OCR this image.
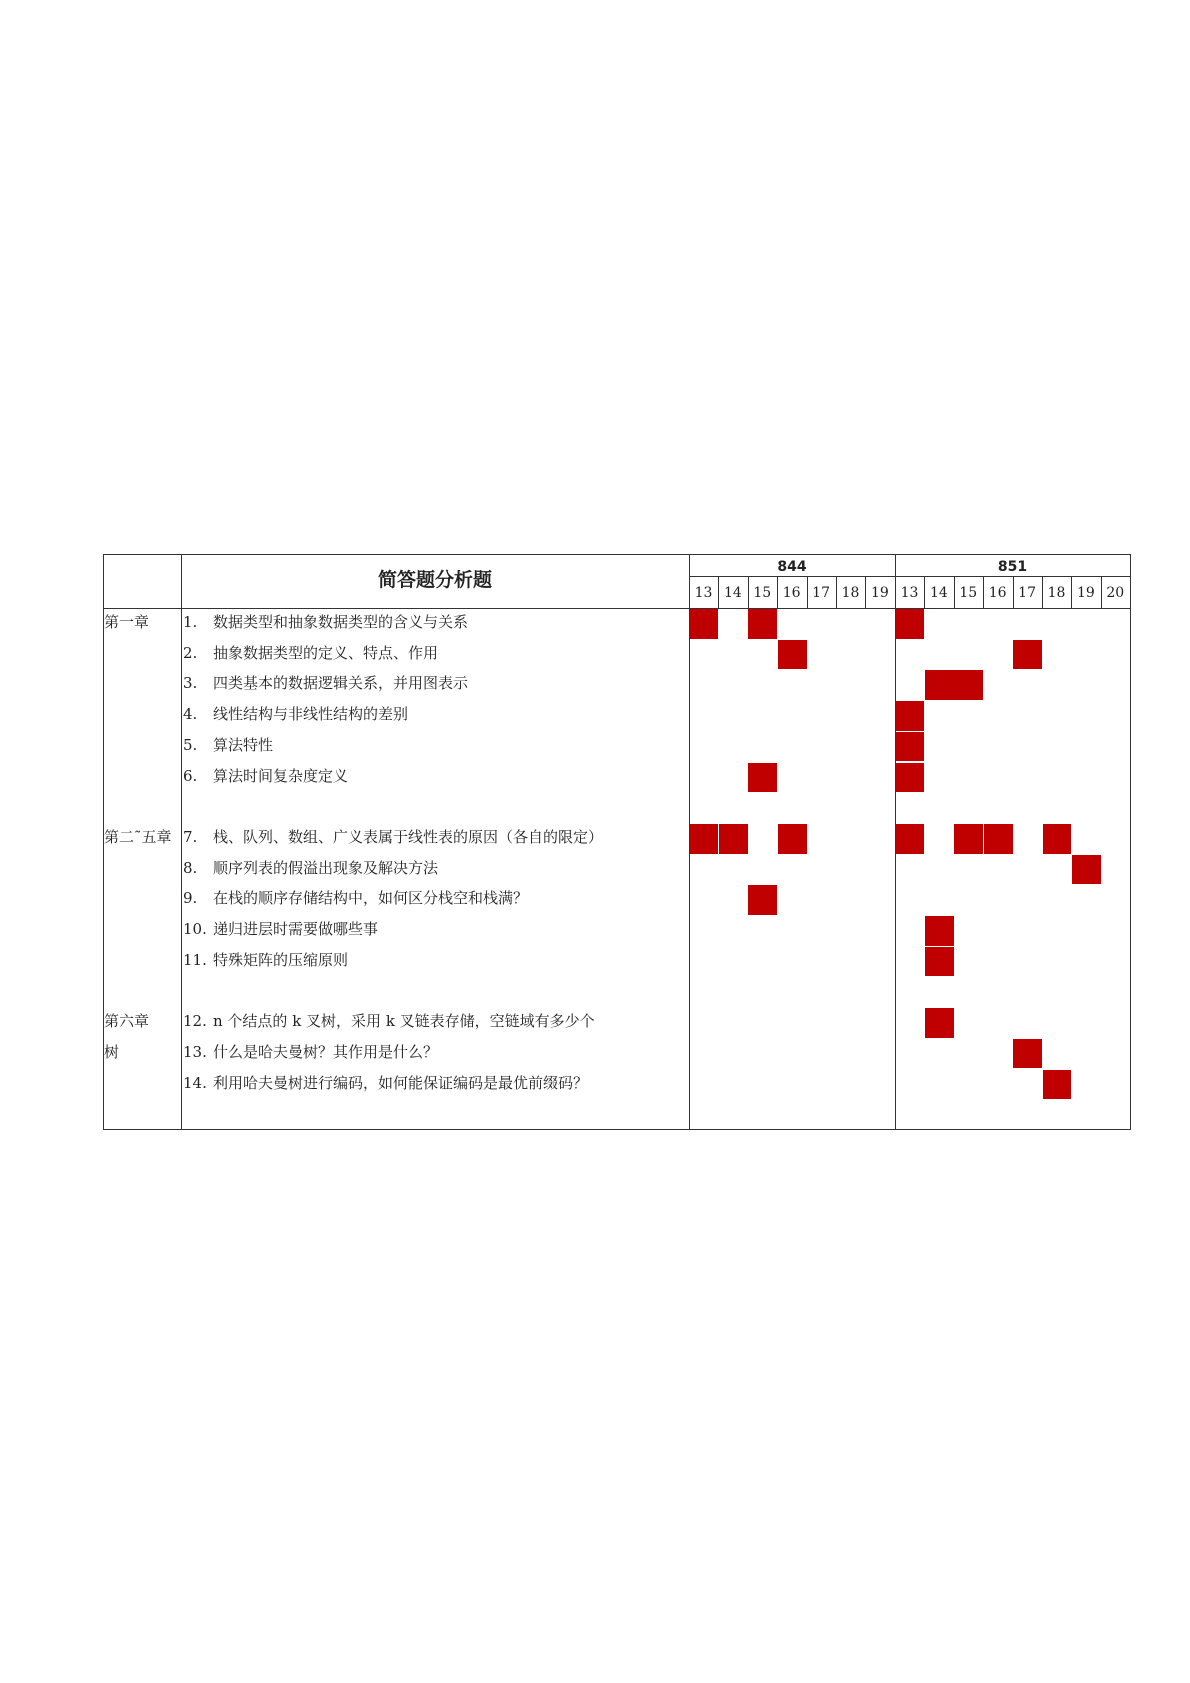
简答题分析题
844
13 14 15 16 17 18 19
851
13 14 15 16 17 18 19 20
第一章
第二˜五章
第六章
树
1. 数据类型和抽象数据类型的含义与关系
2. 抽象数据类型的定义、特点、作用
3. 四类基本的数据逻辑关系，并用图表示
4. 线性结构与非线性结构的差别
5. 算法特性
6. 算法时间复杂度定义
7. 栈、队列、数组、广义表属于线性表的原因（各自的限定）
8. 顺序列表的假溢出现象及解决方法
9. 在栈的顺序存储结构中，如何区分栈空和栈满？
10. 递归进层时需要做哪些事
11. 特殊矩阵的压缩原则
12. n 个结点的 k 叉树，采用 k 叉链表存储，空链域有多少个
13. 什么是哈夫曼树？其作用是什么？
14. 利用哈夫曼树进行编码，如何能保证编码是最优前缀码？
